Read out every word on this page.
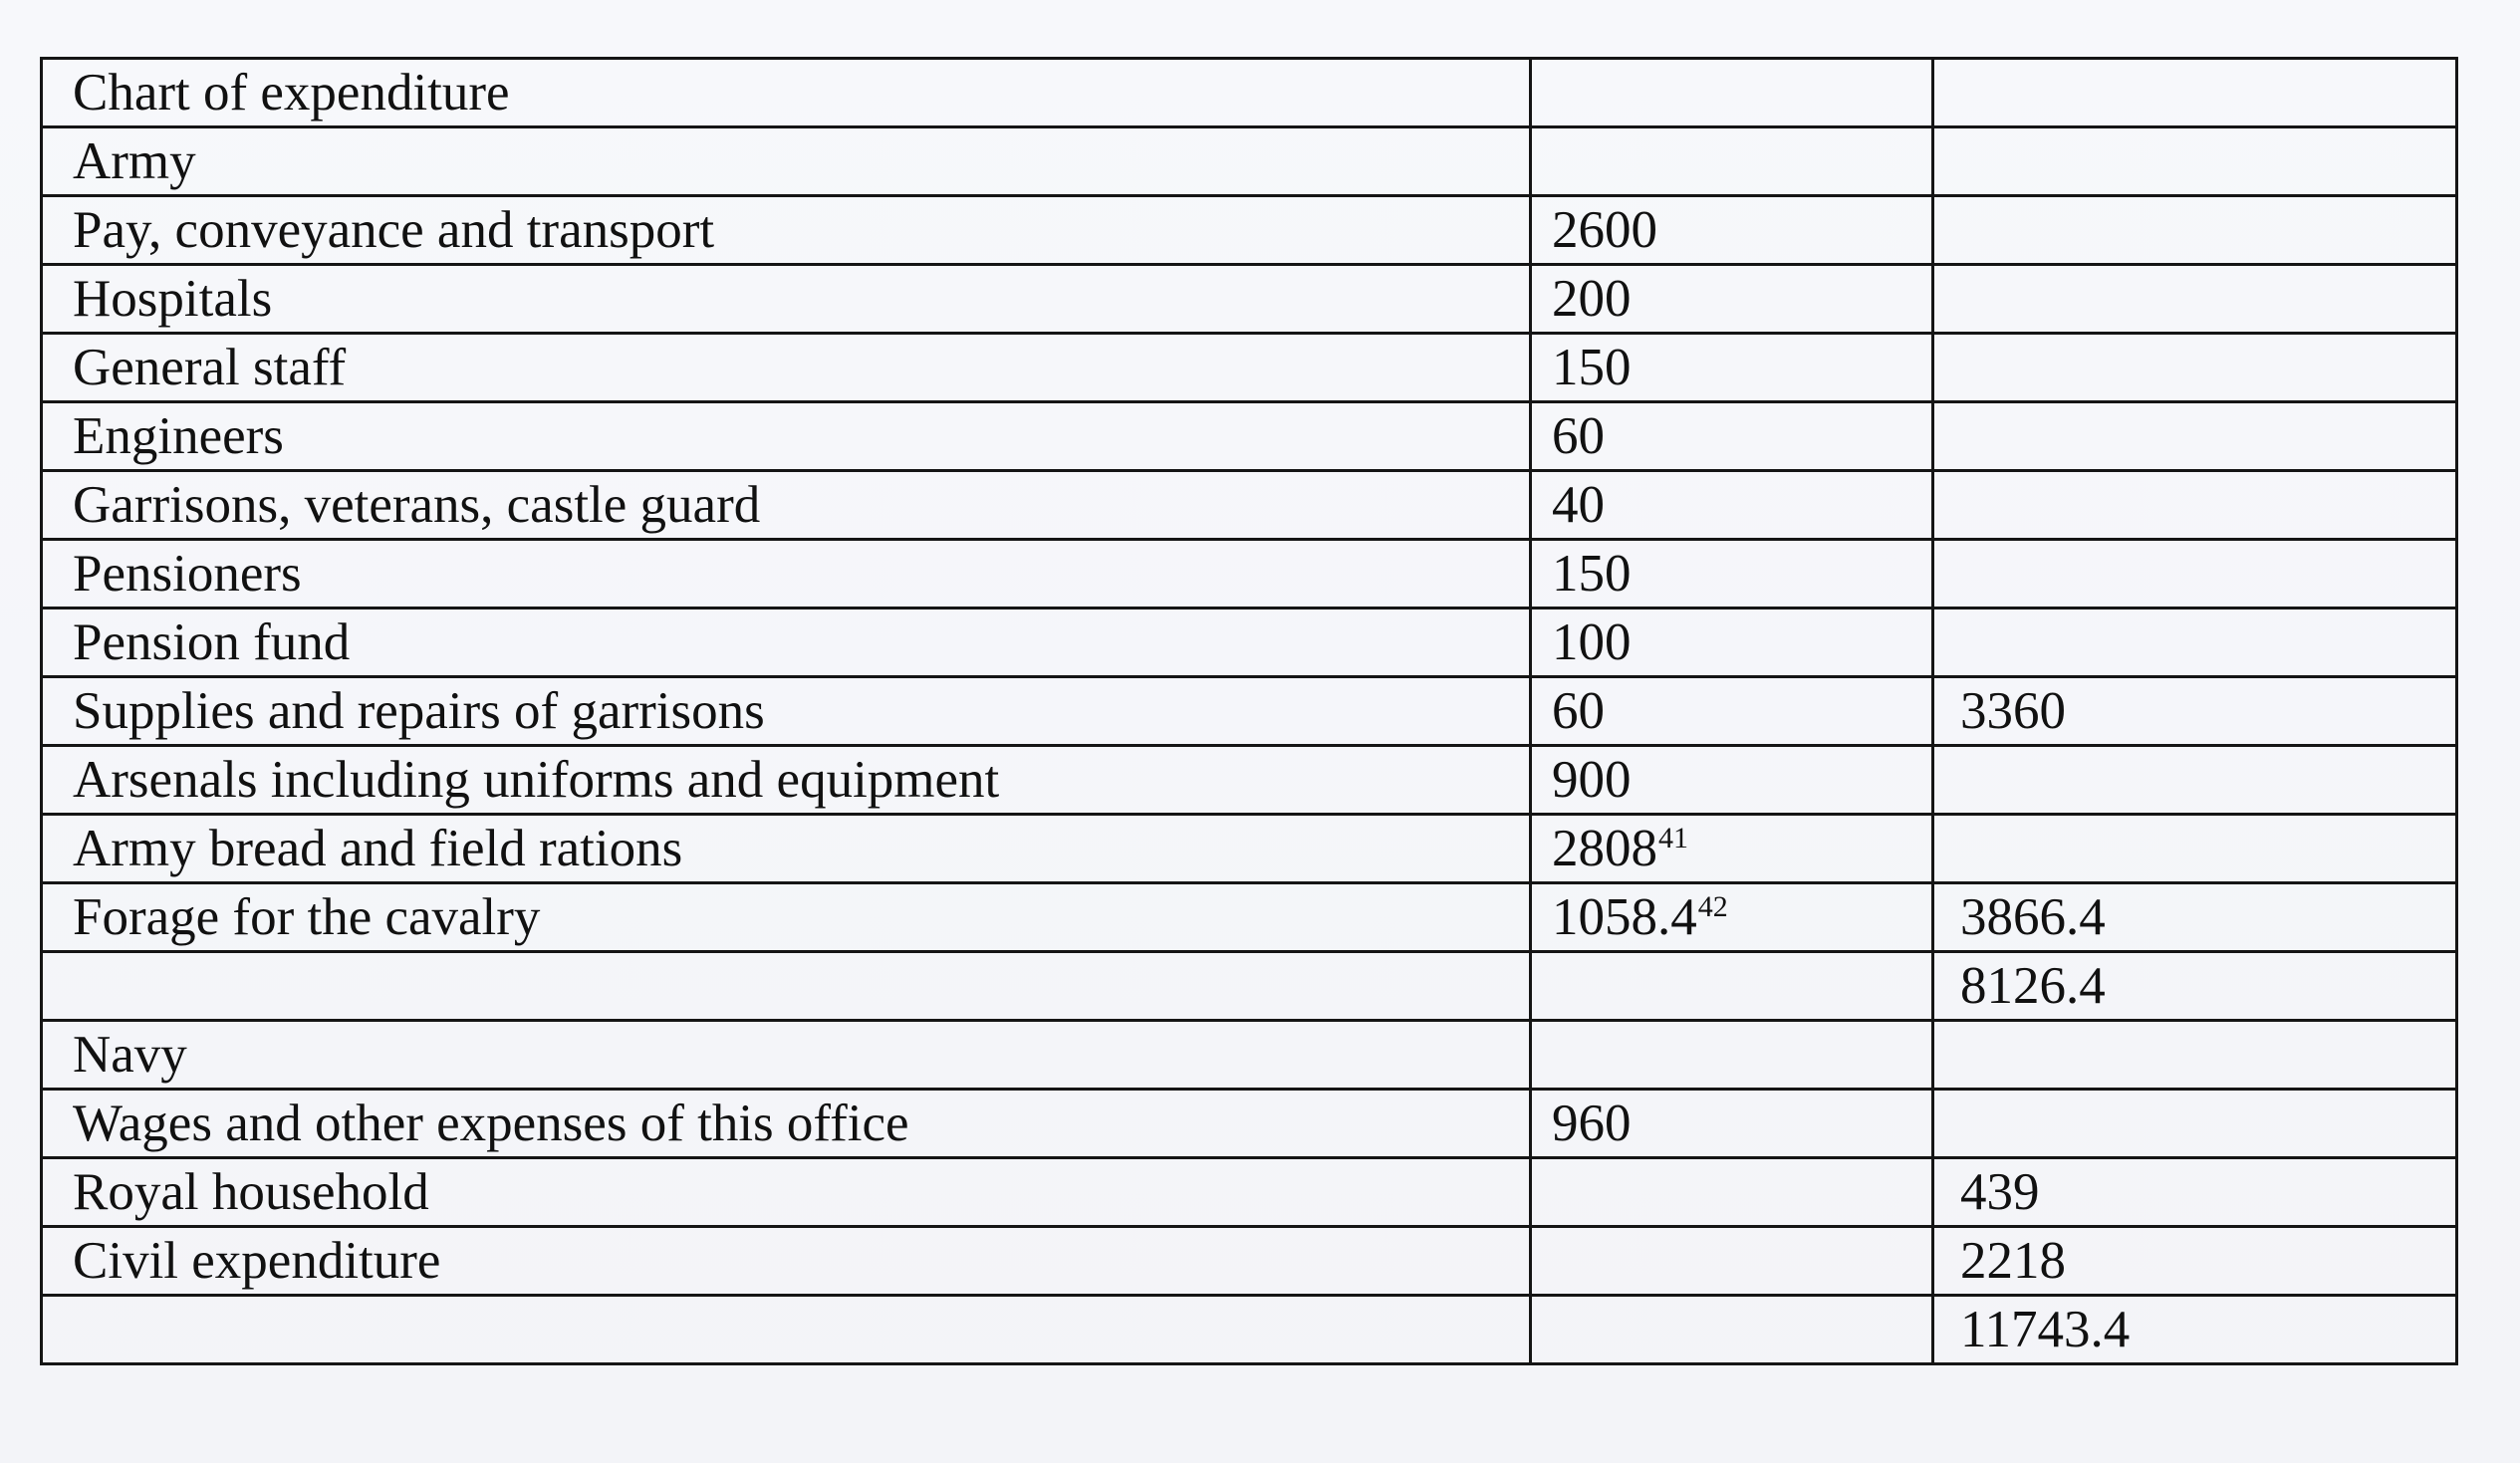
Chart of expenditure		
Army		
Pay, conveyance and transport	2600	
Hospitals	200	
General staff	150	
Engineers	60	
Garrisons, veterans, castle guard	40	
Pensioners	150	
Pension fund	100	
Supplies and repairs of garrisons	60	3360
Arsenals including uniforms and equipment	900	
Army bread and field rations	2808$^{41}$	
Forage for the cavalry	1058.4$^{42}$	3866.4
		8126.4
Navy		
Wages and other expenses of this office	960	
Royal household		439
Civil expenditure		2218
		11743.4
